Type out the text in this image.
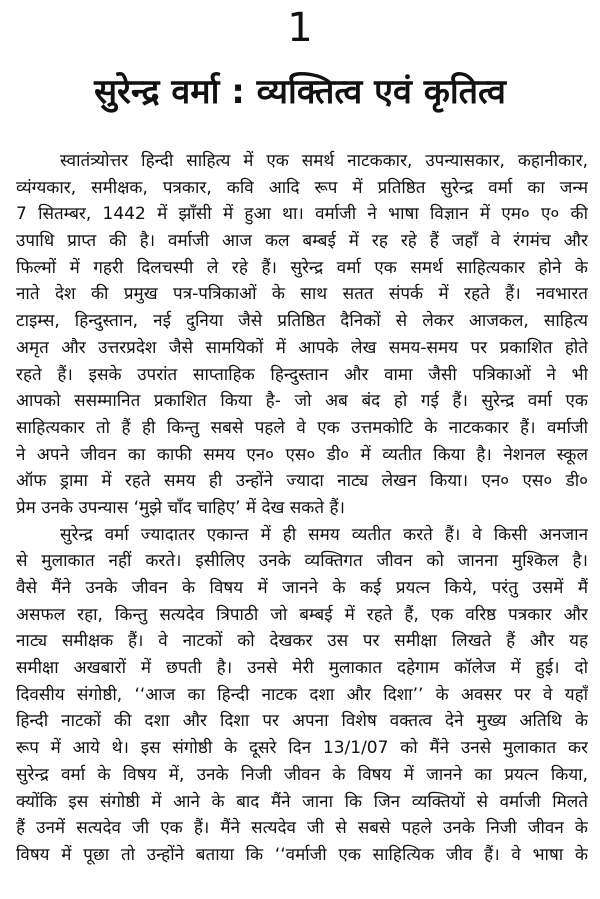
1
सुरेन्द्र वर्मा : व्यक्तित्व एवं कृतित्व
स्वातंत्र्योत्तर हिन्दी साहित्य में एक समर्थ नाटककार, उपन्यासकार, कहानीकार,
व्यंग्यकार, समीक्षक, पत्रकार, कवि आदि रूप में प्रतिष्ठित सुरेन्द्र वर्मा का जन्म
7 सितम्बर, 1442 में झाँसी में हुआ था। वर्माजी ने भाषा विज्ञान में एम० ए० की
उपाधि प्राप्त की है। वर्माजी आज कल बम्बई में रह रहे हैं जहाँ वे रंगमंच और
फिल्मों में गहरी दिलचस्पी ले रहे हैं। सुरेन्द्र वर्मा एक समर्थ साहित्यकार होने के
नाते देश की प्रमुख पत्र-पत्रिकाओं के साथ सतत संपर्क में रहते हैं। नवभारत
टाइम्स, हिन्दुस्तान, नई दुनिया जैसे प्रतिष्ठित दैनिकों से लेकर आजकल, साहित्य
अमृत और उत्तरप्रदेश जैसे सामयिकों में आपके लेख समय-समय पर प्रकाशित होते
रहते हैं। इसके उपरांत साप्ताहिक हिन्दुस्तान और वामा जैसी पत्रिकाओं ने भी
आपको ससम्मानित प्रकाशित किया है- जो अब बंद हो गई हैं। सुरेन्द्र वर्मा एक
साहित्यकार तो हैं ही किन्तु सबसे पहले वे एक उत्तमकोटि के नाटककार हैं। वर्माजी
ने अपने जीवन का काफी समय एन० एस० डी० में व्यतीत किया है। नेशनल स्कूल
ऑफ ड्रामा में रहते समय ही उन्होंने ज्यादा नाट्य लेखन किया। एन० एस० डी०
प्रेम उनके उपन्यास ‘मुझे चाँद चाहिए’ में देख सकते हैं।
सुरेन्द्र वर्मा ज्यादातर एकान्त में ही समय व्यतीत करते हैं। वे किसी अनजान
से मुलाकात नहीं करते। इसीलिए उनके व्यक्तिगत जीवन को जानना मुश्किल है।
वैसे मैंने उनके जीवन के विषय में जानने के कई प्रयत्न किये, परंतु उसमें मैं
असफल रहा, किन्तु सत्यदेव त्रिपाठी जो बम्बई में रहते हैं, एक वरिष्ठ पत्रकार और
नाट्य समीक्षक हैं। वे नाटकों को देखकर उस पर समीक्षा लिखते हैं और यह
समीक्षा अखबारों में छपती है। उनसे मेरी मुलाकात दहेगाम कॉलेज में हुई। दो
दिवसीय संगोष्ठी, ‘‘आज का हिन्दी नाटक दशा और दिशा’’ के अवसर पर वे यहाँ
हिन्दी नाटकों की दशा और दिशा पर अपना विशेष वक्तत्व देने मुख्य अतिथि के
रूप में आये थे। इस संगोष्ठी के दूसरे दिन 13/1/07 को मैंने उनसे मुलाकात कर
सुरेन्द्र वर्मा के विषय में, उनके निजी जीवन के विषय में जानने का प्रयत्न किया,
क्योंकि इस संगोष्ठी में आने के बाद मैंने जाना कि जिन व्यक्तियों से वर्माजी मिलते
हैं उनमें सत्यदेव जी एक हैं। मैंने सत्यदेव जी से सबसे पहले उनके निजी जीवन के
विषय में पूछा तो उन्होंने बताया कि ‘‘वर्माजी एक साहित्यिक जीव हैं। वे भाषा के
